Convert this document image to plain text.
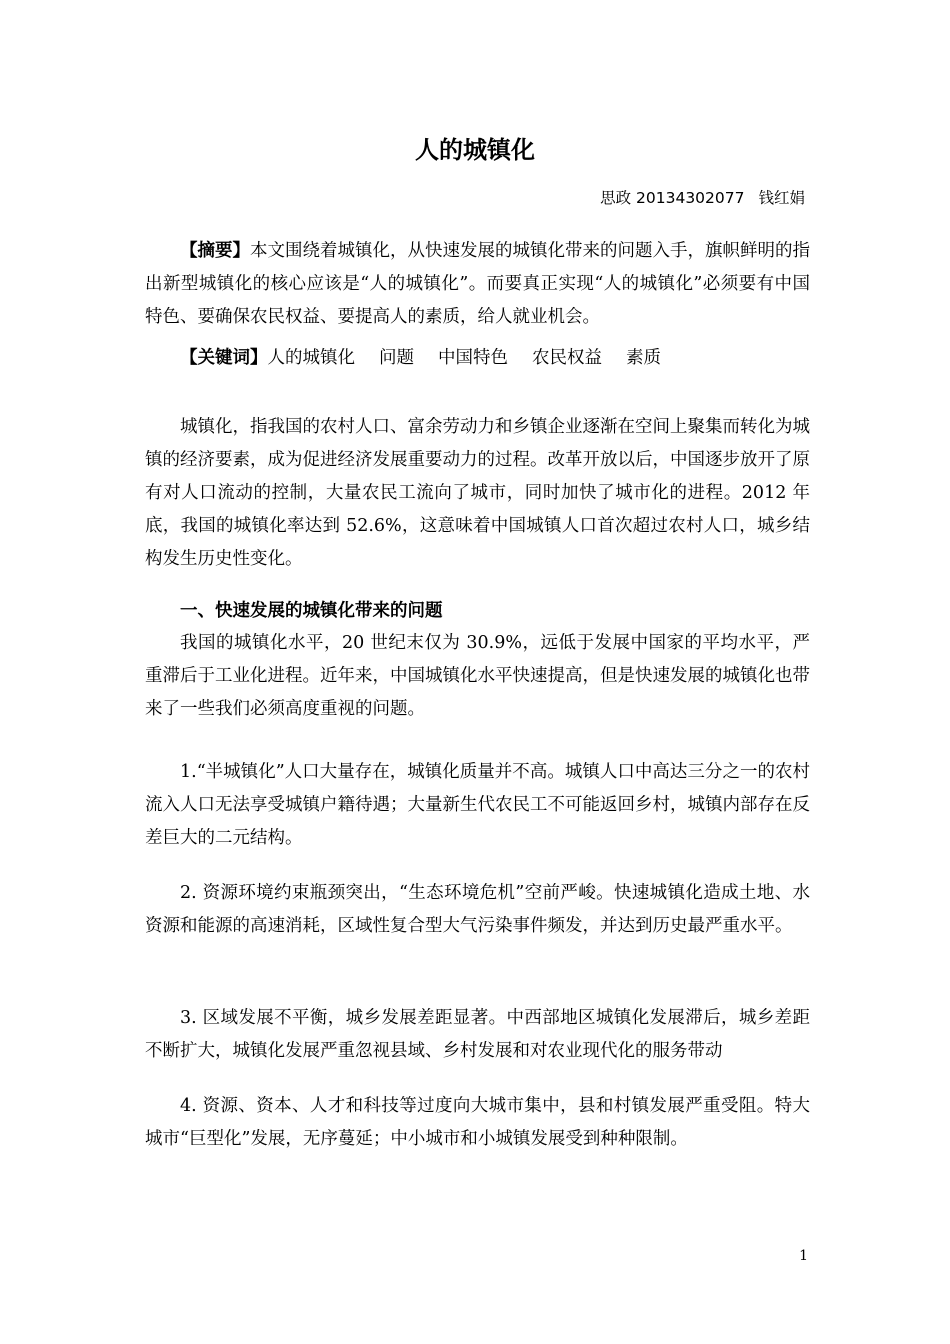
人的城镇化
思政 20134302077 钱红娟
【摘要】本文围绕着城镇化，从快速发展的城镇化带来的问题入手，旗帜鲜明的指出新型城镇化的核心应该是“人的城镇化”。而要真正实现“人的城镇化”必须要有中国特色、要确保农民权益、要提高人的素质，给人就业机会。
【关键词】人的城镇化 问题 中国特色 农民权益 素质
城镇化，指我国的农村人口、富余劳动力和乡镇企业逐渐在空间上聚集而转化为城镇的经济要素，成为促进经济发展重要动力的过程。改革开放以后，中国逐步放开了原有对人口流动的控制，大量农民工流向了城市，同时加快了城市化的进程。2012 年底，我国的城镇化率达到 52.6%，这意味着中国城镇人口首次超过农村人口，城乡结构发生历史性变化。
一、快速发展的城镇化带来的问题
我国的城镇化水平，20 世纪末仅为 30.9%，远低于发展中国家的平均水平，严重滞后于工业化进程。近年来，中国城镇化水平快速提高，但是快速发展的城镇化也带来了一些我们必须高度重视的问题。
1.“半城镇化”人口大量存在，城镇化质量并不高。城镇人口中高达三分之一的农村流入人口无法享受城镇户籍待遇；大量新生代农民工不可能返回乡村，城镇内部存在反差巨大的二元结构。
2. 资源环境约束瓶颈突出，“生态环境危机”空前严峻。快速城镇化造成土地、水资源和能源的高速消耗，区域性复合型大气污染事件频发，并达到历史最严重水平。
3. 区域发展不平衡，城乡发展差距显著。中西部地区城镇化发展滞后，城乡差距不断扩大，城镇化发展严重忽视县域、乡村发展和对农业现代化的服务带动
4. 资源、资本、人才和科技等过度向大城市集中，县和村镇发展严重受阻。特大城市“巨型化”发展，无序蔓延；中小城市和小城镇发展受到种种限制。
1
